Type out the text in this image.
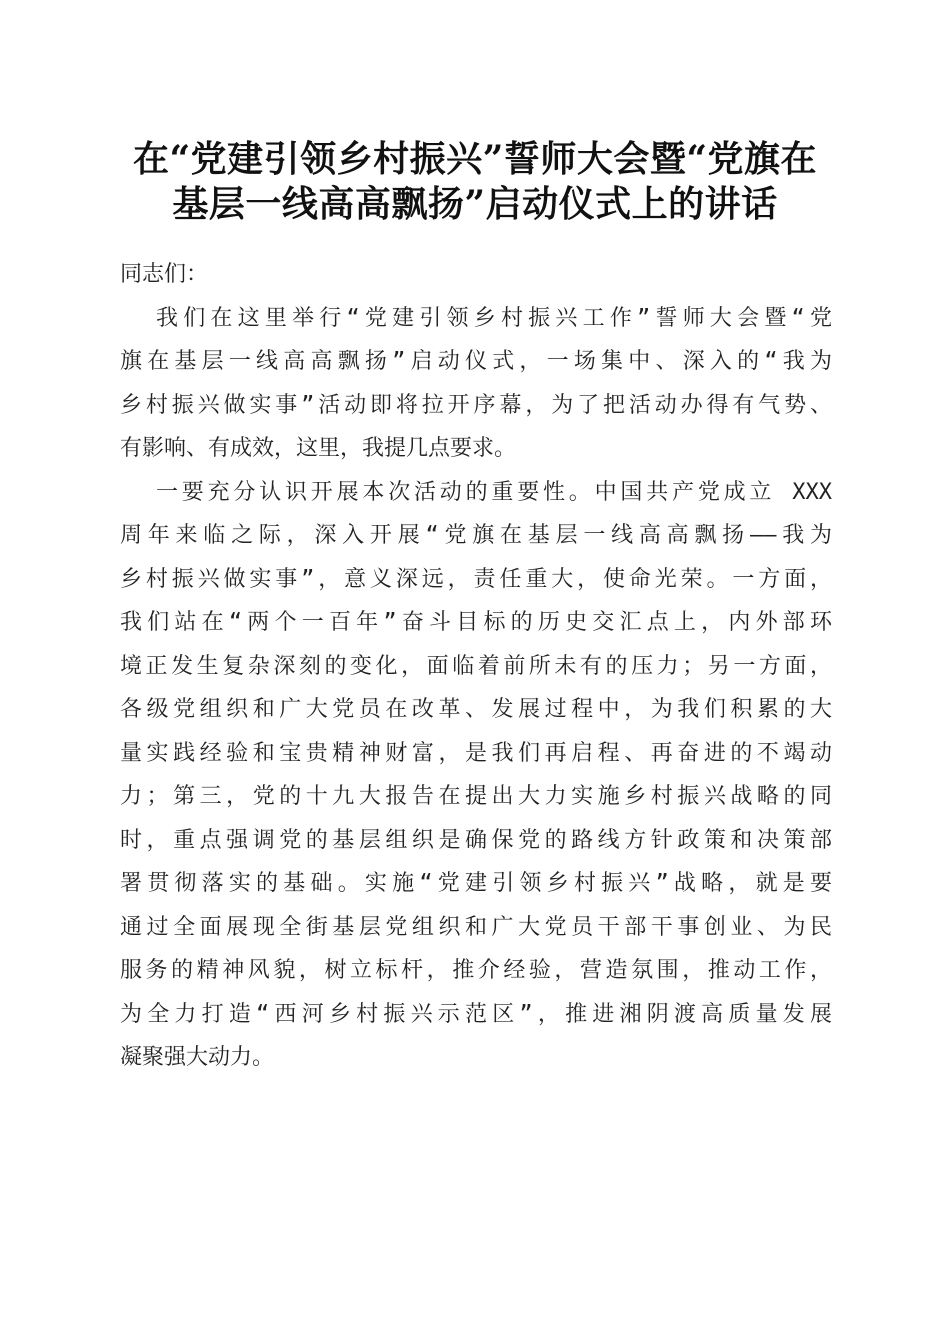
在“党建引领乡村振兴”誓师大会暨“党旗在
基层一线高高飘扬”启动仪式上的讲话
同志们：
我们在这里举行“党建引领乡村振兴工作”誓师大会暨“党
旗在基层一线高高飘扬”启动仪式，一场集中、深入的“我为
乡村振兴做实事”活动即将拉开序幕，为了把活动办得有气势、
有影响、有成效，这里，我提几点要求。
一要充分认识开展本次活动的重要性。中国共产党成立 XXX
周年来临之际，深入开展“党旗在基层一线高高飘扬——我为
乡村振兴做实事”，意义深远，责任重大，使命光荣。一方面，
我们站在“两个一百年”奋斗目标的历史交汇点上，内外部环
境正发生复杂深刻的变化，面临着前所未有的压力；另一方面，
各级党组织和广大党员在改革、发展过程中，为我们积累的大
量实践经验和宝贵精神财富，是我们再启程、再奋进的不竭动
力；第三，党的十九大报告在提出大力实施乡村振兴战略的同
时，重点强调党的基层组织是确保党的路线方针政策和决策部
署贯彻落实的基础。实施“党建引领乡村振兴”战略，就是要
通过全面展现全街基层党组织和广大党员干部干事创业、为民
服务的精神风貌，树立标杆，推介经验，营造氛围，推动工作，
为全力打造“西河乡村振兴示范区”，推进湘阴渡高质量发展
凝聚强大动力。
